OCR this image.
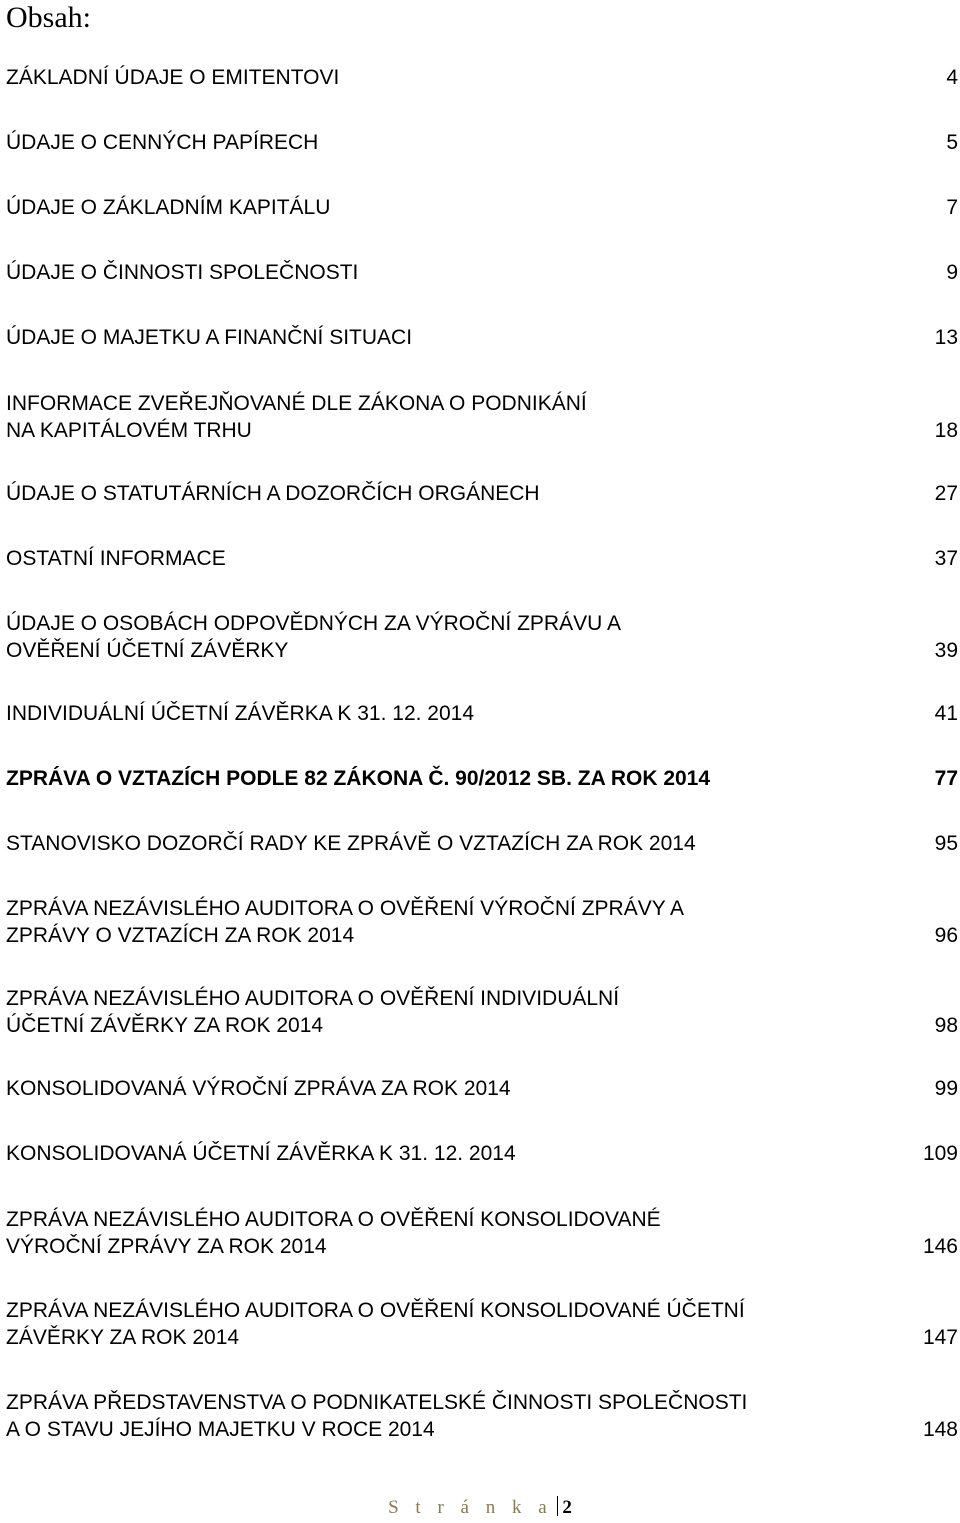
Obsah:
ZÁKLADNÍ ÚDAJE O EMITENTOVI	4
ÚDAJE O CENNÝCH PAPÍRECH	5
ÚDAJE O ZÁKLADNÍM KAPITÁLU	7
ÚDAJE O ČINNOSTI SPOLEČNOSTI	9
ÚDAJE O MAJETKU A FINANČNÍ SITUACI	13
INFORMACE ZVEŘEJŇOVANÉ DLE ZÁKONA O PODNIKÁNÍ
NA KAPITÁLOVÉM TRHU	18
ÚDAJE O STATUTÁRNÍCH A DOZORČÍCH ORGÁNECH	27
OSTATNÍ INFORMACE	37
ÚDAJE O OSOBÁCH ODPOVĚDNÝCH ZA VÝROČNÍ ZPRÁVU A
OVĚŘENÍ ÚČETNÍ ZÁVĚRKY	39
INDIVIDUÁLNÍ ÚČETNÍ ZÁVĚRKA K 31. 12. 2014	41
ZPRÁVA O VZTAZÍCH PODLE 82 ZÁKONA Č. 90/2012 SB. ZA ROK 2014	77
STANOVISKO DOZORČÍ RADY KE ZPRÁVĚ O VZTAZÍCH ZA ROK 2014	95
ZPRÁVA NEZÁVISLÉHO AUDITORA O OVĚŘENÍ VÝROČNÍ ZPRÁVY A
ZPRÁVY O VZTAZÍCH ZA ROK 2014	96
ZPRÁVA NEZÁVISLÉHO AUDITORA O OVĚŘENÍ INDIVIDUÁLNÍ
ÚČETNÍ ZÁVĚRKY ZA ROK 2014	98
KONSOLIDOVANÁ VÝROČNÍ ZPRÁVA ZA ROK 2014	99
KONSOLIDOVANÁ ÚČETNÍ ZÁVĚRKA K 31. 12. 2014	109
ZPRÁVA NEZÁVISLÉHO AUDITORA O OVĚŘENÍ KONSOLIDOVANÉ
VÝROČNÍ ZPRÁVY ZA ROK 2014	146
ZPRÁVA NEZÁVISLÉHO AUDITORA O OVĚŘENÍ KONSOLIDOVANÉ ÚČETNÍ
ZÁVĚRKY ZA ROK 2014	147
ZPRÁVA PŘEDSTAVENSTVA O PODNIKATELSKÉ ČINNOSTI SPOLEČNOSTI
A O STAVU JEJÍHO MAJETKU V ROCE 2014	148
S t r á n k a 2
